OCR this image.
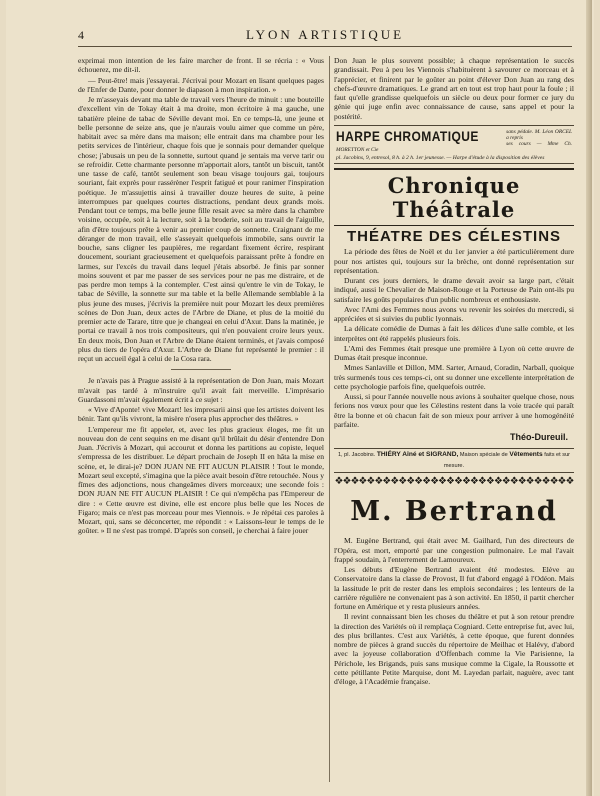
4	LYON ARTISTIQUE

exprimai mon intention de les faire marcher de front. Il se récria : « Vous échouerez, me dit-il.

— Peut-être! mais j'essayerai. J'écrivai pour Mozart en lisant quelques pages de l'Enfer de Dante, pour donner le diapason à mon inspiration. »

Je m'asseyais devant ma table de travail vers l'heure de minuit : une bouteille d'excellent vin de Tokay était à ma droite, mon écritoire à ma gauche, une tabatière pleine de tabac de Séville devant moi. En ce temps-là, une jeune et belle personne de seize ans, que je n'aurais voulu aimer que comme un père, habitait avec sa mère dans ma maison; elle entrait dans ma chambre pour les petits services de l'intérieur, chaque fois que je sonnais pour demander quelque chose; j'abusais un peu de la sonnette, surtout quand je sentais ma verve tarir ou se refroidir. Cette charmante personne m'apportait alors, tantôt un biscuit, tantôt une tasse de café, tantôt seulement son beau visage toujours gai, toujours souriant, fait exprès pour rassérèner l'esprit fatigué et pour ranimer l'inspiration poétique. Je m'assujettis ainsi à travailler douze heures de suite, à peine interrompues par quelques courtes distractions, pendant deux grands mois. Pendant tout ce temps, ma belle jeune fille resait avec sa mère dans la chambre voisine, occupée, soit à la lecture, soit à la broderie, soit au travail de l'aiguille, afin d'être toujours prête à venir au premier coup de sonnette. Craignant de me déranger de mon travail, elle s'asseyait quelquefois immobile, sans ouvrir la bouche, sans cligner les paupières, me regardant fixement écrire, respirant doucement, souriant gracieusement et quelquefois paraissant prête à fondre en larmes, sur l'excès du travail dans lequel j'étais absorbé. Je finis par sonner moins souvent et par me passer de ses services pour ne pas me distraire, et de pas perdre mon temps à la contempler. C'est ainsi qu'entre le vin de Tokay, le tabac de Séville, la sonnette sur ma table et la belle Allemande semblable à la plus jeune des muses, j'écrivis la première nuit pour Mozart les deux premières scènes de Don Juan, deux actes de l'Arbre de Diane, et plus de la moitié du premier acte de Tarare, titre que je changeai en celui d'Axur. Dans la matinée, je portai ce travail à nos trois compositeurs, qui n'en pouvaient croire leurs yeux. En deux mois, Don Juan et l'Arbre de Diane étaient terminés, et j'avais composé plus du tiers de l'opéra d'Axur. L'Arbre de Diane fut représenté le premier : il reçut un accueil égal à celui de la Cosa rara.

Je n'avais pas à Prague assisté à la représentation de Don Juan, mais Mozart m'avait pas tardé à m'instruire qu'il avait fait merveille. L'imprésario Guardassoni m'avait également écrit à ce sujet :

« Vive d'Aponte! vive Mozart! les impresarii ainsi que les artistes doivent les bénir. Tant qu'ils vivront, la misère n'osera plus approcher des théâtres. »

L'empereur me fit appeler, et, avec les plus gracieux éloges, me fit un nouveau don de cent sequins en me disant qu'il brûlait du désir d'entendre Don Juan. J'écrivis à Mozart, qui accourut et donna les partitions au copiste, lequel s'empressa de les distribuer. Le départ prochain de Joseph II en hâta la mise en scène, et, le dirai-je? DON JUAN NE FIT AUCUN PLAISIR ! Tout le monde, Mozart seul excepté, s'imagina que la pièce avait besoin d'être retouchée. Nous y fîmes des adjonctions, nous changeâmes divers morceaux; une seconde fois : DON JUAN NE FIT AUCUN PLAISIR ! Ce qui n'empêcha pas l'Empereur de dire : « Cette œuvre est divine, elle est encore plus belle que les Noces de Figaro; mais ce n'est pas morceau pour mes Viennois. » Je répétai ces paroles à Mozart, qui, sans se déconcerter, me répondit : « Laissons-leur le temps de le goûter. » Il ne s'est pas trompé. D'après son conseil, je cherchai à faire jouer

Don Juan le plus souvent possible; à chaque représentation le succès grandissait. Peu à peu les Viennois s'habituèrent à savourer ce morceau et à l'apprécier, et finirent par le goûter au point d'élever Don Juan au rang des chefs-d'œuvre dramatiques. Le grand art en tout est trop haut pour la foule ; il faut qu'elle grandisse quelquefois un siècle ou deux pour former ce jury du génie qui juge enfin avec connaissance de cause, sans appel et pour la postérité.

HARPE CHROMATIQUE	sans pédale. M. Léon ORCEL a repris
ses cours — Mme Ch. MORETTON et Cie
pl. Jacobins, 9, entresol, 8 h. à 2 h. 1er jeunesse. — Harpe d'étude à la disposition des élèves
Chronique Théâtrale
THÉATRE DES CÉLESTINS

La période des fêtes de Noël et du 1er janvier a été particulièrement dure pour nos artistes qui, toujours sur la brèche, ont donné représentation sur représentation.

Durant ces jours derniers, le drame devait avoir sa large part, c'était indiqué, aussi le Chevalier de Maison-Rouge et la Porteuse de Pain ont-ils pu satisfaire les goûts populaires d'un public nombreux et enthousiaste.

Avec l'Ami des Femmes nous avons vu revenir les soirées du mercredi, si appréciées et si suivies du public lyonnais.

La délicate comédie de Dumas à fait les délices d'une salle comble, et les interprètes ont été rappelés plusieurs fois.

L'Ami des Femmes était presque une première à Lyon où cette œuvre de Dumas était presque inconnue.

Mmes Sanlaville et Dillon, MM. Sarter, Arnaud, Coradin, Narball, quoique très surmenés tous ces temps-ci, ont su donner une excellente interprétation de cette psychologie parfois fine, quelquefois outrée.

Aussi, si pour l'année nouvelle nous avions à souhaiter quelque chose, nous ferions nos vœux pour que les Célestins restent dans la voie tracée qui paraît être la bonne et où chacun fait de son mieux pour arriver à une homogénéité parfaite.

Théo-Dureuil.
1, pl. Jacobins. THIÉRY Aîné et SIGRAND, Maison spéciale de Vêtements faits et sur mesure.
❖❖❖❖❖❖❖❖❖❖❖❖❖❖❖❖❖❖❖❖❖❖❖❖❖❖❖❖❖❖
M. Bertrand

M. Eugène Bertrand, qui était avec M. Gailhard, l'un des directeurs de l'Opéra, est mort, emporté par une congestion pulmonaire. Le mal l'avait frappé soudain, à l'enterrement de Lamoureux.

Les débuts d'Eugène Bertrand avaient été modestes. Elève au Conservatoire dans la classe de Provost, Il fut d'abord engagé à l'Odéon. Mais la lassitude le prit de rester dans les emplois secondaires ; les lenteurs de la carrière régulière ne convenaient pas à son activité. En 1850, il partit chercher fortune en Amérique et y resta plusieurs années.

Il revint connaissant bien les choses du théâtre et put à son retour prendre la direction des Variétés où il remplaça Cogniard. Cette entreprise fut, avec lui, des plus brillantes. C'est aux Variétés, à cette époque, que furent données nombre de pièces à grand succès du répertoire de Meilhac et Halévy, d'abord avec la joyeuse collaboration d'Offenbach comme la Vie Parisienne, la Périchole, les Brigands, puis sans musique comme la Cigale, la Roussotte et cette pétillante Petite Marquise, dont M. Layedan parlait, naguère, avec tant d'éloge, à l'Académie française.
